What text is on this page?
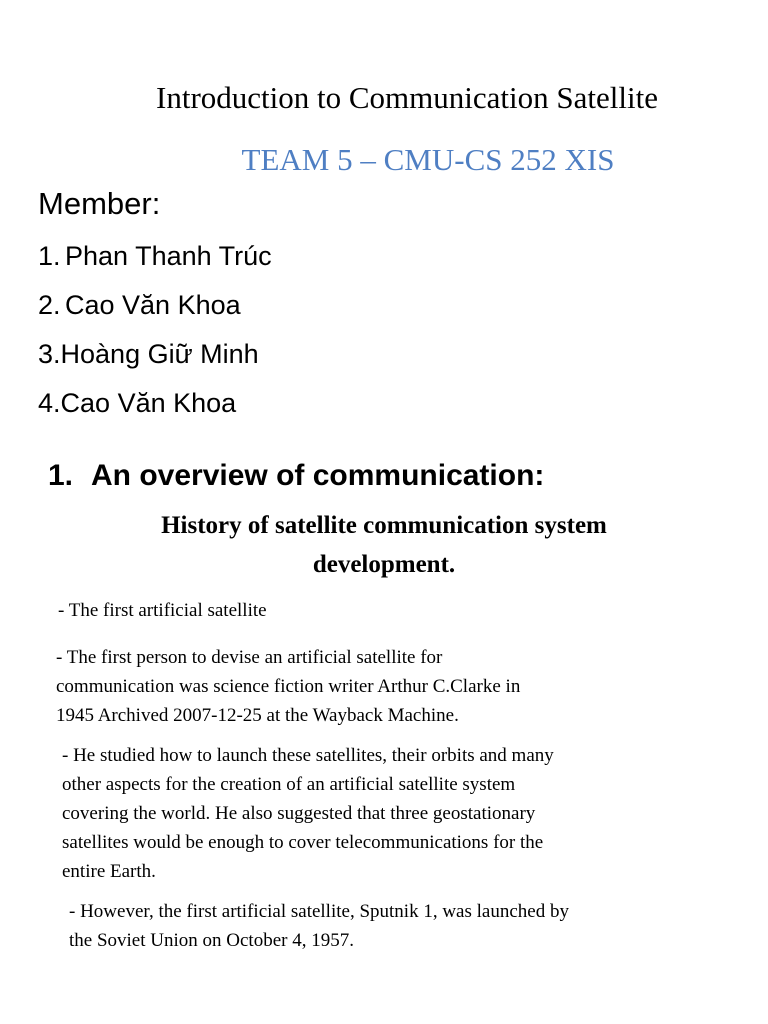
Introduction to Communication Satellite
TEAM 5 – CMU-CS 252 XIS
Member:
1. Phan Thanh Trúc
2. Cao Văn Khoa
3.Hoàng Giữ Minh
4.Cao Văn Khoa
1. An overview of communication:
History of satellite communication system development.
- The first artificial satellite
- The first person to devise an artificial satellite for
communication was science fiction writer Arthur C.Clarke in
1945 Archived 2007-12-25 at the Wayback Machine.
- He studied how to launch these satellites, their orbits and many
other aspects for the creation of an artificial satellite system
covering the world. He also suggested that three geostationary
satellites would be enough to cover telecommunications for the
entire Earth.
- However, the first artificial satellite, Sputnik 1, was launched by
the Soviet Union on October 4, 1957.
